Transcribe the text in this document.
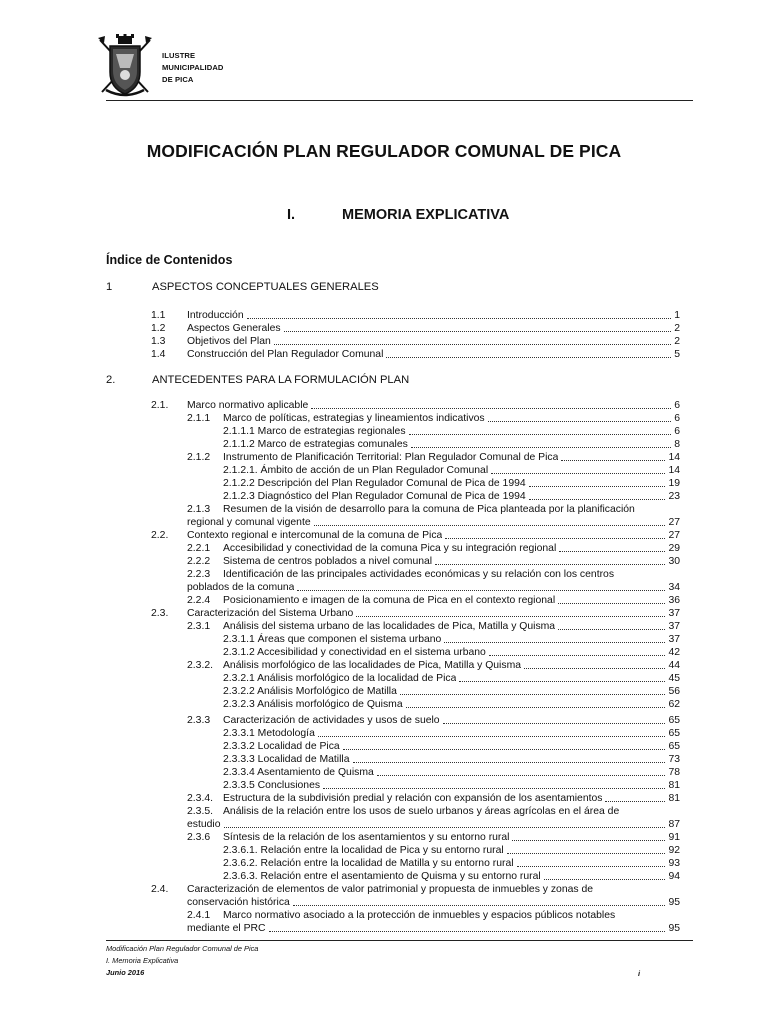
ILUSTRE
MUNICIPALIDAD
DE PICA
MODIFICACIÓN PLAN REGULADOR COMUNAL DE PICA
I.	MEMORIA EXPLICATIVA
Índice de Contenidos
1	ASPECTOS CONCEPTUALES GENERALES
2.	ANTECEDENTES PARA LA FORMULACIÓN PLAN
1.1	Introducción	1
1.2	Aspectos Generales	2
1.3	Objetivos del Plan	2
1.4	Construcción del Plan Regulador Comunal	5
2.1.	Marco normativo aplicable	6
2.1.1	Marco de políticas, estrategias y lineamientos indicativos	6
2.1.1.1 Marco de estrategias regionales	6
2.1.1.2 Marco de estrategias comunales	8
2.1.2	Instrumento de Planificación Territorial: Plan Regulador Comunal de Pica	14
2.1.2.1. Ámbito de acción de un Plan Regulador Comunal	14
2.1.2.2 Descripción del Plan Regulador Comunal de Pica de 1994	19
2.1.2.3 Diagnóstico del Plan Regulador Comunal de Pica de 1994	23
2.1.3	Resumen de la visión de desarrollo para la comuna de Pica planteada por la planificación
regional y comunal vigente	27
2.2.	Contexto regional e intercomunal de la comuna de Pica	27
2.2.1	Accesibilidad y conectividad de la comuna Pica y su integración regional	29
2.2.2	Sistema de centros poblados a nivel comunal	30
2.2.3	Identificación de las principales actividades económicas y su relación con los centros
poblados de la comuna	34
2.2.4	Posicionamiento e imagen de la comuna de Pica en el contexto regional	36
2.3.	Caracterización del Sistema Urbano	37
2.3.1	Análisis del sistema urbano de las localidades de Pica, Matilla y Quisma	37
2.3.1.1 Áreas que componen el sistema urbano	37
2.3.1.2 Accesibilidad y conectividad en el sistema urbano	42
2.3.2. Análisis morfológico de las localidades de Pica, Matilla y Quisma	44
2.3.2.1 Análisis morfológico de la localidad de Pica	45
2.3.2.2 Análisis Morfológico de Matilla	56
2.3.2.3 Análisis morfológico de Quisma	62
2.3.3	Caracterización de actividades y usos de suelo	65
2.3.3.1 Metodología	65
2.3.3.2 Localidad de Pica	65
2.3.3.3 Localidad de Matilla	73
2.3.3.4 Asentamiento de Quisma	78
2.3.3.5 Conclusiones	81
2.3.4. Estructura de la subdivisión predial y relación con expansión de los asentamientos	81
2.3.5. Análisis de la relación entre los usos de suelo urbanos y áreas agrícolas en el área de
estudio	87
2.3.6	Síntesis de la relación de los asentamientos y su entorno rural	91
2.3.6.1. Relación entre la localidad de Pica y su entorno rural	92
2.3.6.2. Relación entre la localidad de Matilla y su entorno rural	93
2.3.6.3. Relación entre el asentamiento de Quisma y su entorno rural	94
2.4.	Caracterización de elementos de valor patrimonial y propuesta de inmuebles y zonas de
conservación histórica	95
2.4.1	Marco normativo asociado a la protección de inmuebles y espacios públicos notables
mediante el PRC	95
Modificación Plan Regulador Comunal de Pica
I. Memoria Explicativa
Junio 2016	i
